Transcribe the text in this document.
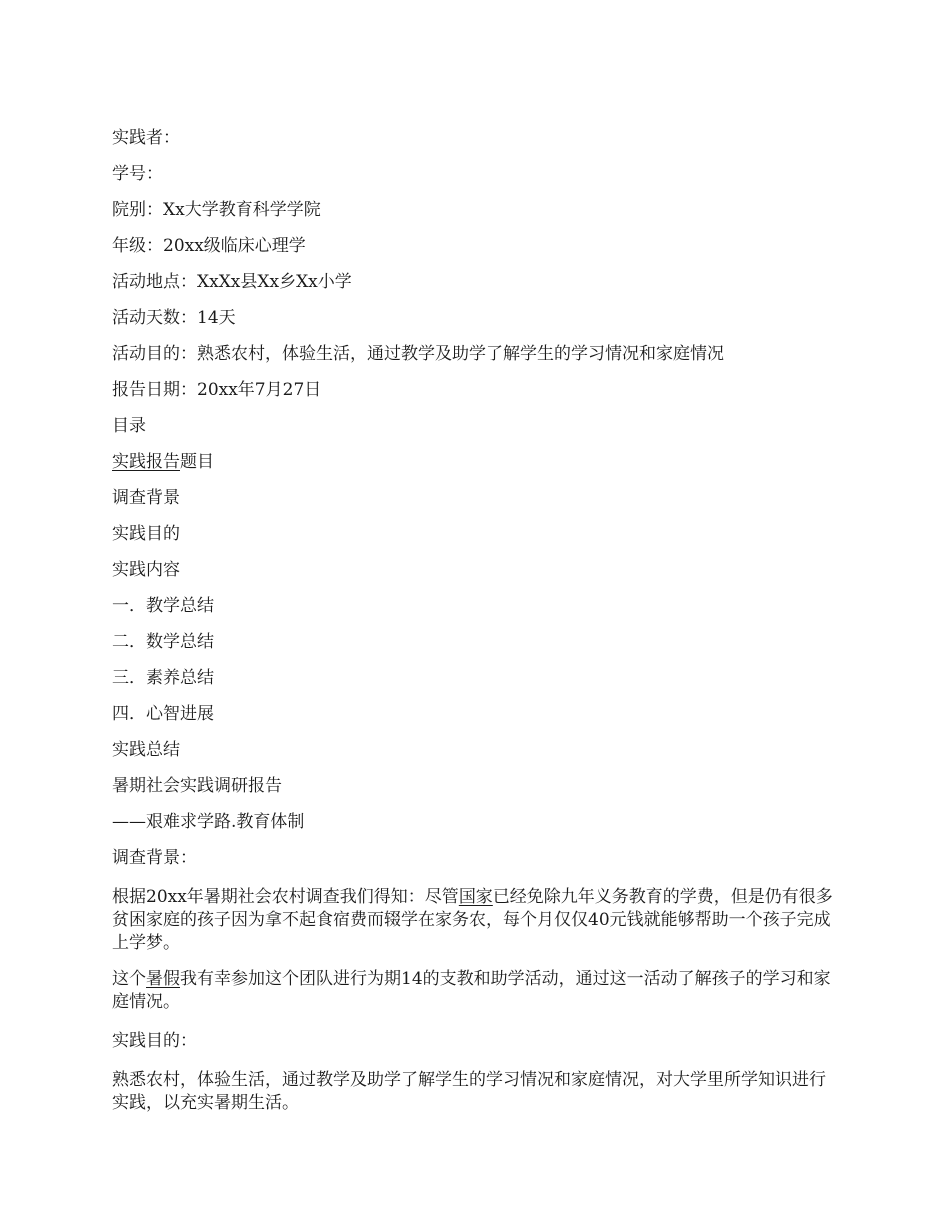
实践者：
学号：
院别：Xx大学教育科学学院
年级：20xx级临床心理学
活动地点：XxXx县Xx乡Xx小学
活动天数：14天
活动目的：熟悉农村，体验生活，通过教学及助学了解学生的学习情况和家庭情况
报告日期：20xx年7月27日
目录
实践报告题目
调查背景
实践目的
实践内容
一．教学总结
二．数学总结
三．素养总结
四．心智进展
实践总结
暑期社会实践调研报告
——艰难求学路.教育体制
调查背景：
根据20xx年暑期社会农村调查我们得知：尽管国家已经免除九年义务教育的学费，但是仍有很多贫困家庭的孩子因为拿不起食宿费而辍学在家务农，每个月仅仅40元钱就能够帮助一个孩子完成上学梦。
这个暑假我有幸参加这个团队进行为期14的支教和助学活动，通过这一活动了解孩子的学习和家庭情况。
实践目的：
熟悉农村，体验生活，通过教学及助学了解学生的学习情况和家庭情况，对大学里所学知识进行实践，以充实暑期生活。
